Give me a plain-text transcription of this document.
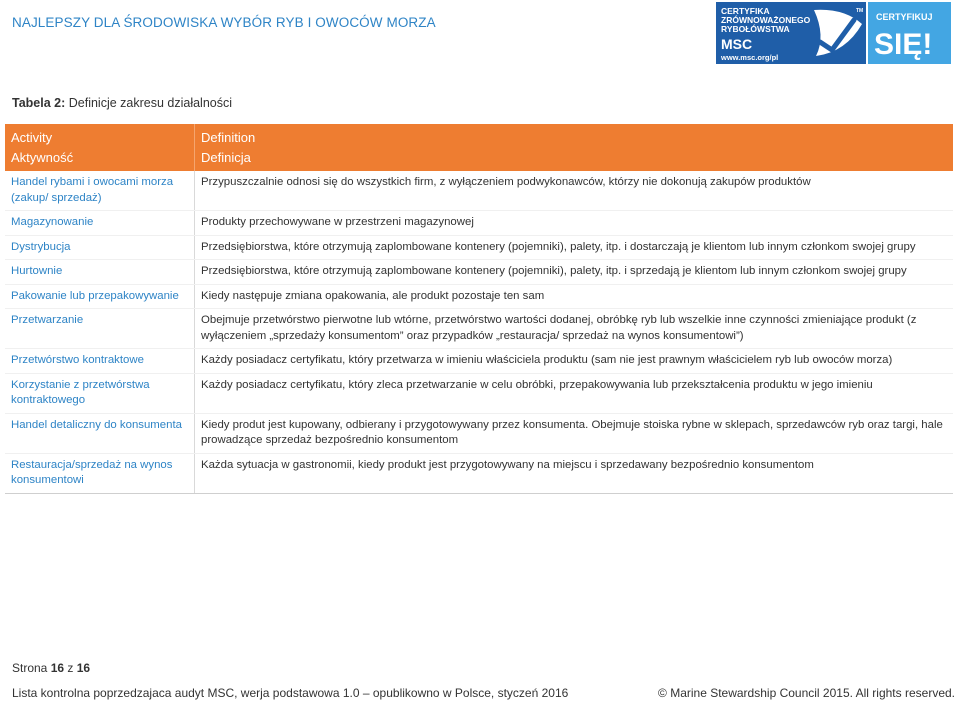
NAJLEPSZY DLA ŚRODOWISKA WYBÓR RYB I OWOCÓW MORZA
CERTYFIKA
ZRÓWNOWAŻONEGO
RYBOŁÓWSTWA
MSC
www.msc.org/pl
TM
CERTYFIKUJ
SIĘ!
Tabela 2: Definicje zakresu działalności
Activity	Definition
Aktywność	Definicja
Handel rybami i owocami morza (zakup/ sprzedaż)	Przypuszczalnie odnosi się do wszystkich firm, z wyłączeniem podwykonawców, którzy nie dokonują zakupów produktów
Magazynowanie	Produkty przechowywane w przestrzeni magazynowej
Dystrybucja	Przedsiębiorstwa, które otrzymują zaplombowane kontenery (pojemniki), palety, itp. i dostarczają je klientom lub innym członkom swojej grupy
Hurtownie	Przedsiębiorstwa, które otrzymują zaplombowane kontenery (pojemniki), palety, itp. i sprzedają je klientom lub innym członkom swojej grupy
Pakowanie lub przepakowywanie	Kiedy następuje zmiana opakowania, ale produkt pozostaje ten sam
Przetwarzanie	Obejmuje przetwórstwo pierwotne lub wtórne, przetwórstwo wartości dodanej, obróbkę ryb lub wszelkie inne czynności zmieniające produkt (z wyłączeniem „sprzedaży konsumentom” oraz przypadków „restauracja/ sprzedaż na wynos konsumentowi”)
Przetwórstwo kontraktowe	Każdy posiadacz certyfikatu, który przetwarza w imieniu właściciela produktu (sam nie jest prawnym właścicielem ryb lub owoców morza)
Korzystanie z przetwórstwa kontraktowego	Każdy posiadacz certyfikatu, który zleca przetwarzanie w celu obróbki, przepakowywania lub przekształcenia produktu w jego imieniu
Handel detaliczny do konsumenta	Kiedy produt jest kupowany, odbierany i przygotowywany przez konsumenta. Obejmuje stoiska rybne w sklepach, sprzedawców ryb oraz targi, hale prowadzące sprzedaż bezpośrednio konsumentom
Restauracja/sprzedaż na wynos konsumentowi	Każda sytuacja w gastronomii, kiedy produkt jest przygotowywany na miejscu i sprzedawany bezpośrednio konsumentom
Strona 16 z 16
Lista kontrolna poprzedzajaca audyt MSC, werja podstawowa 1.0 – opublikowno w Polsce, styczeń 2016	© Marine Stewardship Council 2015. All rights reserved.
